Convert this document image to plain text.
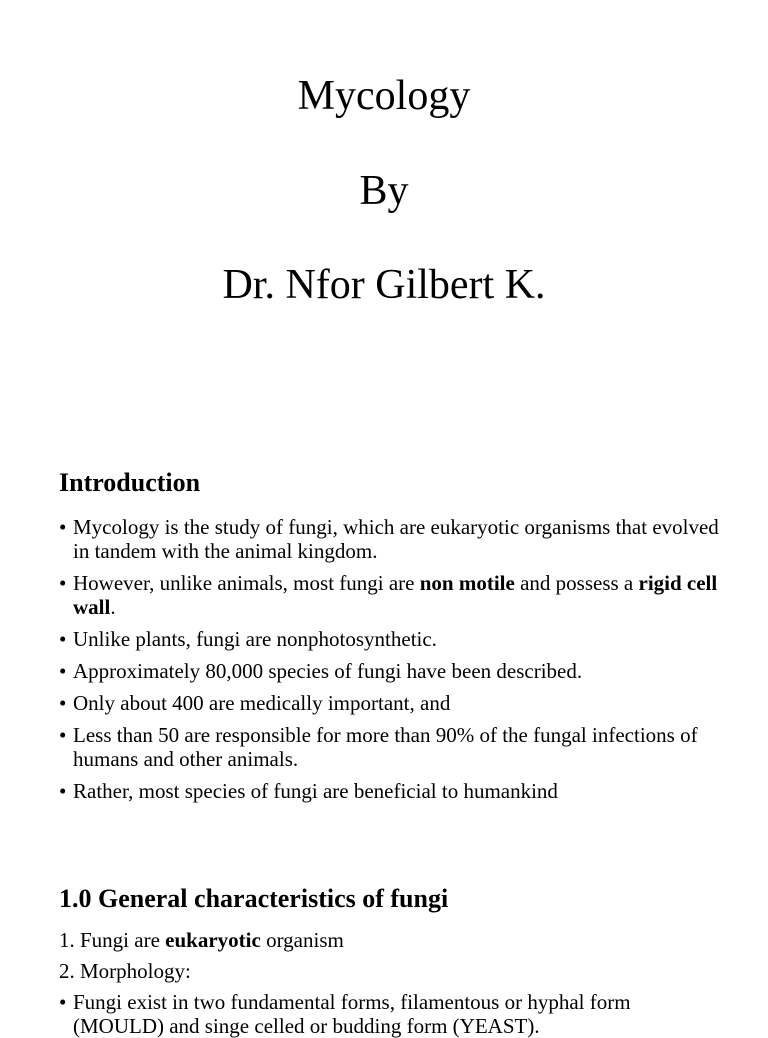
Mycology
By
Dr. Nfor Gilbert K.
Introduction
• Mycology is the study of fungi, which are eukaryotic organisms that evolved in tandem with the animal kingdom.
• However, unlike animals, most fungi are non motile and possess a rigid cell wall.
• Unlike plants, fungi are nonphotosynthetic.
• Approximately 80,000 species of fungi have been described.
• Only about 400 are medically important, and
• Less than 50 are responsible for more than 90% of the fungal infections of humans and other animals.
• Rather, most species of fungi are beneficial to humankind
1.0 General characteristics of fungi
1. Fungi are eukaryotic organism
2. Morphology:
• Fungi exist in two fundamental forms, filamentous or hyphal form (MOULD) and singe celled or budding form (YEAST).
